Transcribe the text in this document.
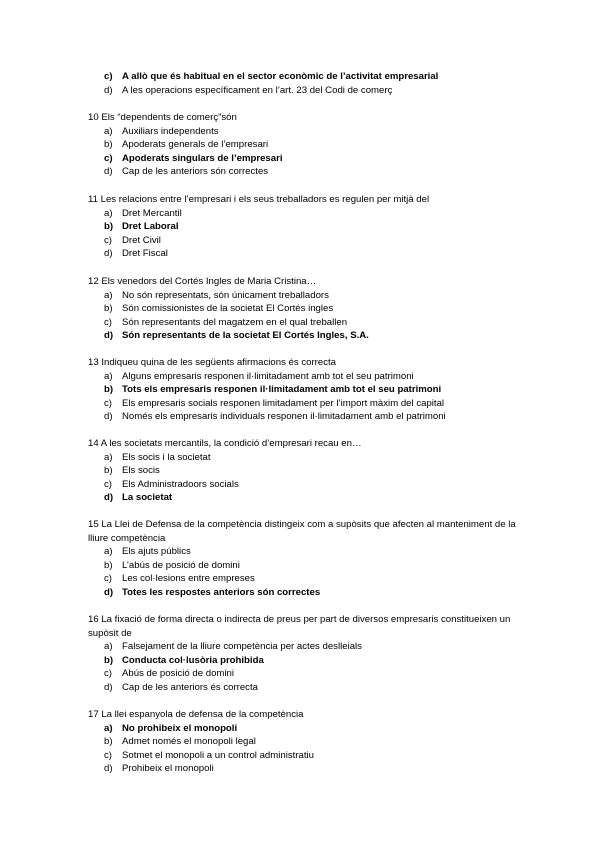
c) A allò que és habitual en el sector econòmic de l’activitat empresarial
d) A les operacions específicament en l’art. 23 del Codi de comerç

10 Els “dependents de comerç”són

a) Auxiliars independents
b) Apoderats generals de l’empresari
c) Apoderats singulars de l’empresari
d) Cap de les anteriors són correctes

11 Les relacions entre l’empresari i els seus treballadors es regulen per mitjà del

a) Dret Mercantil
b) Dret Laboral
c) Dret Civil
d) Dret Fiscal

12 Els venedors del Cortés Ingles de Maria Cristina…

a) No són representats, són únicament treballadors
b) Són comissionistes de la societat El Cortés ingles
c) Són representants del magatzem en el qual treballen
d) Són representants de la societat El Cortés Ingles, S.A.

13 Indiqueu quina de les següents afirmacions és correcta

a) Alguns empresaris responen il·limitadament amb tot el seu patrimoni
b) Tots els empresaris responen il·limitadament amb tot el seu patrimoni
c) Els empresaris socials responen limitadament per l’import màxim del capital
d) Només els empresaris individuals responen il·limitadament amb el patrimoni

14 A les societats mercantils, la condició d’empresari recau en…

a) Els socis i la societat
b) Els socis
c) Els Administradoors socials
d) La societat

15 La Llei de Defensa de la competència distingeix com a supòsits que afecten al manteniment de la lliure competència

a) Els ajuts públics
b) L’abús de posició de domini
c) Les col·lesions entre empreses
d) Totes les respostes anteriors són correctes

16 La fixació de forma directa o indirecta de preus per part de diversos empresaris constitueixen un supòsit de

a) Falsejament de la lliure competència per actes deslleials
b) Conducta col·lusòria prohibida
c) Abús de posició de domini
d) Cap de les anteriors és correcta

17 La llei espanyola de defensa de la competència

a) No prohibeix el monopoli
b) Admet només el monopoli legal
c) Sotmet el monopoli a un control administratiu
d) Prohibeix el monopoli
